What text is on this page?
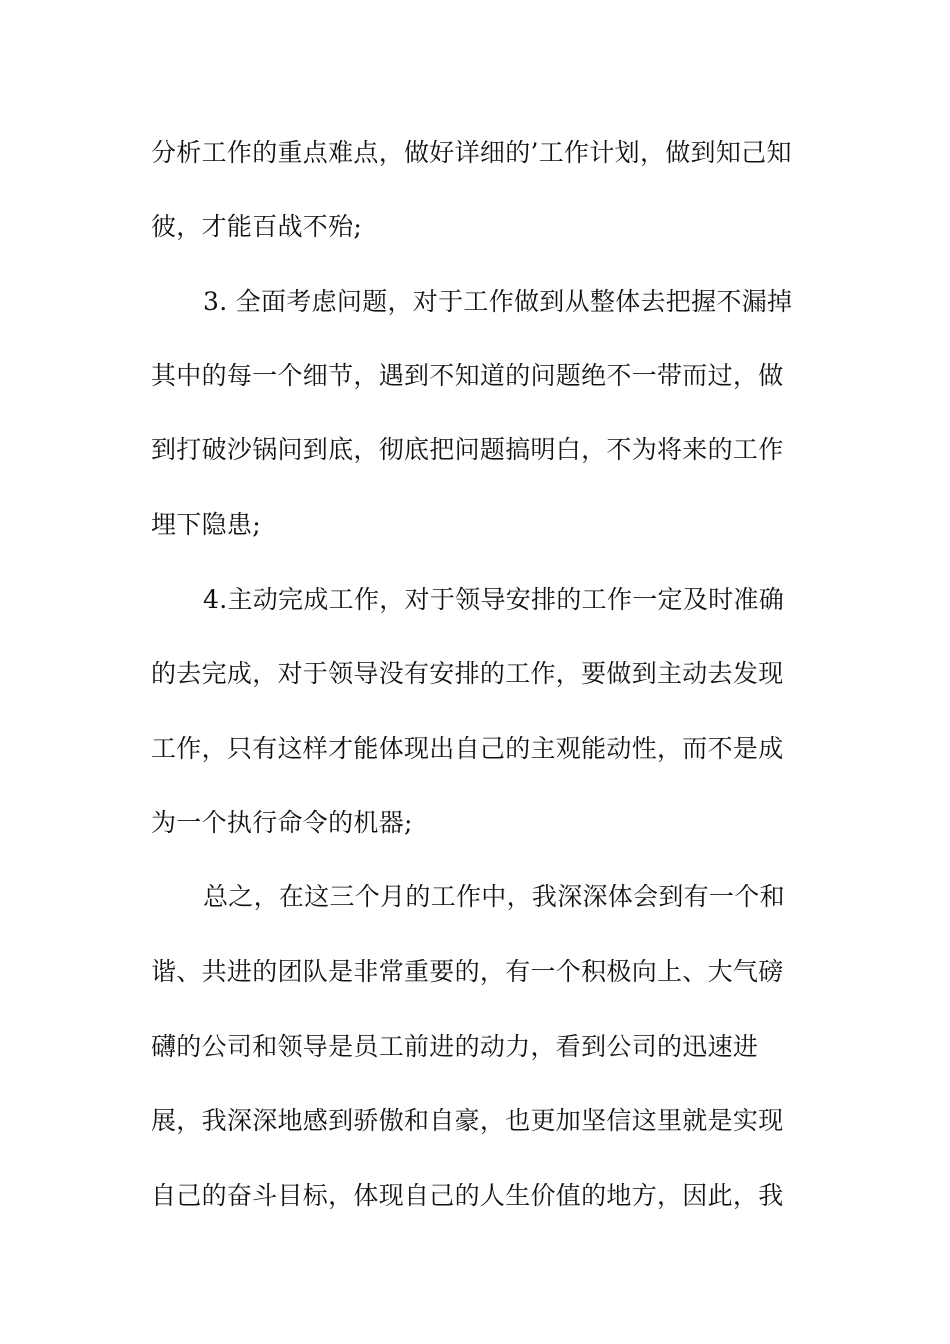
分析工作的重点难点，做好详细的’工作计划，做到知己知
彼，才能百战不殆;
3. 全面考虑问题，对于工作做到从整体去把握不漏掉
其中的每一个细节，遇到不知道的问题绝不一带而过，做
到打破沙锅问到底，彻底把问题搞明白，不为将来的工作
埋下隐患;
4.主动完成工作，对于领导安排的工作一定及时准确
的去完成，对于领导没有安排的工作，要做到主动去发现
工作，只有这样才能体现出自己的主观能动性，而不是成
为一个执行命令的机器;
总之，在这三个月的工作中，我深深体会到有一个和
谐、共进的团队是非常重要的，有一个积极向上、大气磅
礴的公司和领导是员工前进的动力，看到公司的迅速进
展，我深深地感到骄傲和自豪，也更加坚信这里就是实现
自己的奋斗目标，体现自己的人生价值的地方，因此，我
